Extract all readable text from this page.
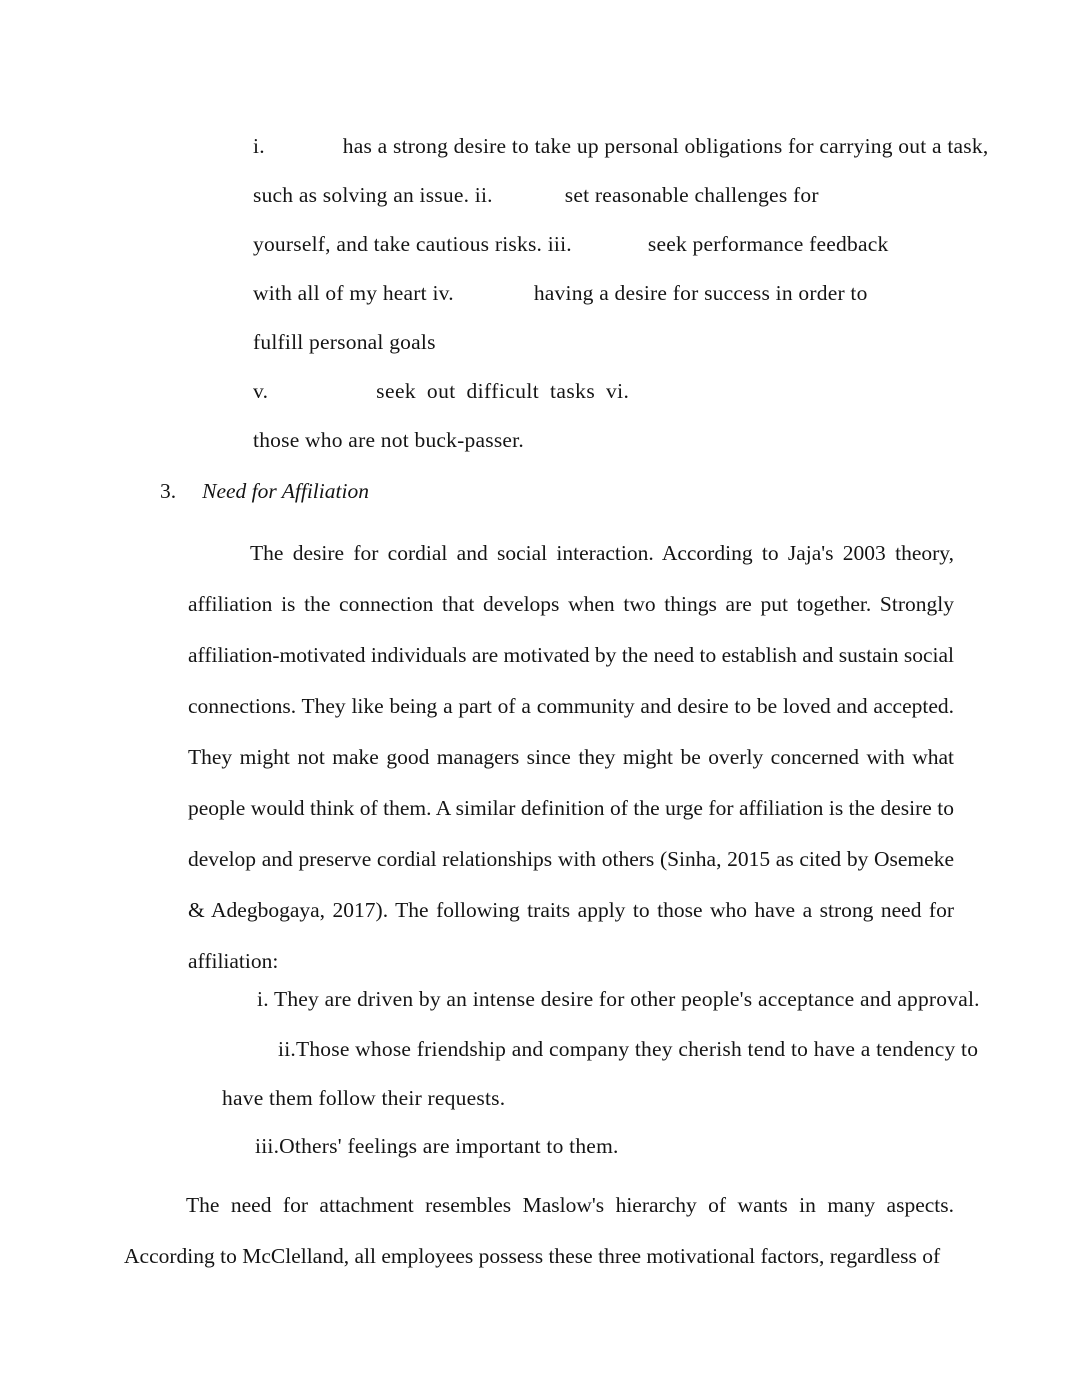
i.	has a strong desire to take up personal obligations for carrying out a task,
such as solving an issue. ii.	set reasonable challenges for
yourself, and take cautious risks. iii.	seek performance feedback
with all of my heart iv.	having a desire for success in order to
fulfill personal goals
v.	seek out difficult tasks vi.
those who are not buck-passer.
3. Need for Affiliation
The desire for cordial and social interaction. According to Jaja's 2003 theory, affiliation is the connection that develops when two things are put together. Strongly affiliation-motivated individuals are motivated by the need to establish and sustain social connections. They like being a part of a community and desire to be loved and accepted. They might not make good managers since they might be overly concerned with what people would think of them. A similar definition of the urge for affiliation is the desire to develop and preserve cordial relationships with others (Sinha, 2015 as cited by Osemeke & Adegbogaya, 2017). The following traits apply to those who have a strong need for affiliation:
i. They are driven by an intense desire for other people's acceptance and approval.
ii.Those whose friendship and company they cherish tend to have a tendency to
have them follow their requests.
iii.Others' feelings are important to them.
The need for attachment resembles Maslow's hierarchy of wants in many aspects. According to McClelland, all employees possess these three motivational factors, regardless of
